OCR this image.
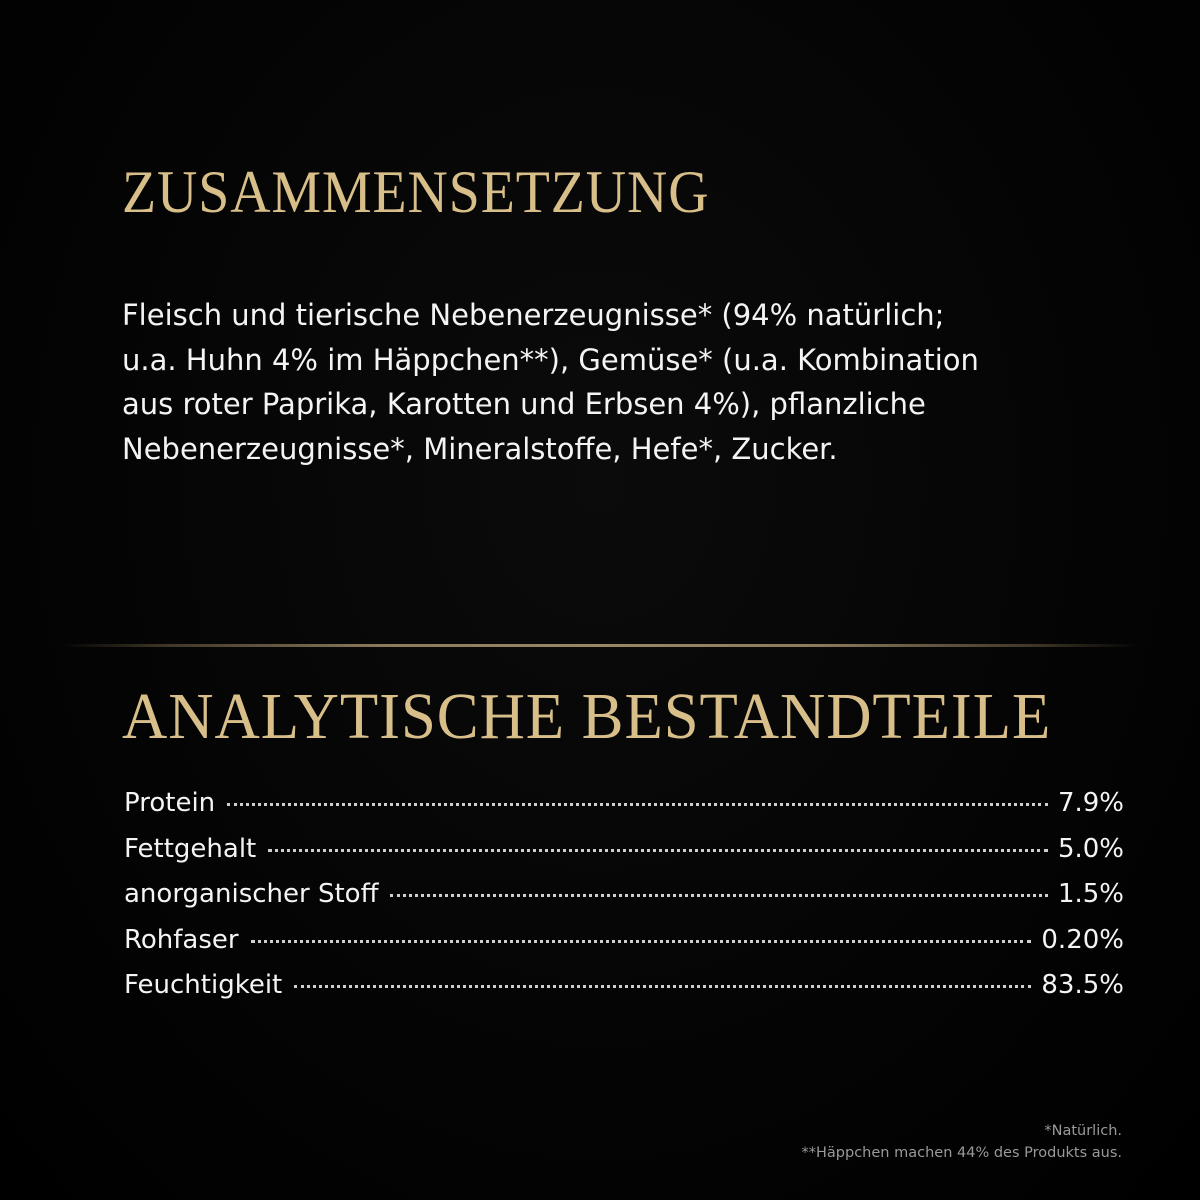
ZUSAMMENSETZUNG

Fleisch und tierische Nebenerzeugnisse* (94% natürlich;
u.a. Huhn 4% im Häppchen**), Gemüse* (u.a. Kombination
aus roter Paprika, Karotten und Erbsen 4%), pflanzliche
Nebenerzeugnisse*, Mineralstoffe, Hefe*, Zucker.

ANALYTISCHE BESTANDTEILE
Protein	7.9%
Fettgehalt	5.0%
anorganischer Stoff	1.5%
Rohfaser	0.20%
Feuchtigkeit	83.5%

*Natürlich.
**Häppchen machen 44% des Produkts aus.
